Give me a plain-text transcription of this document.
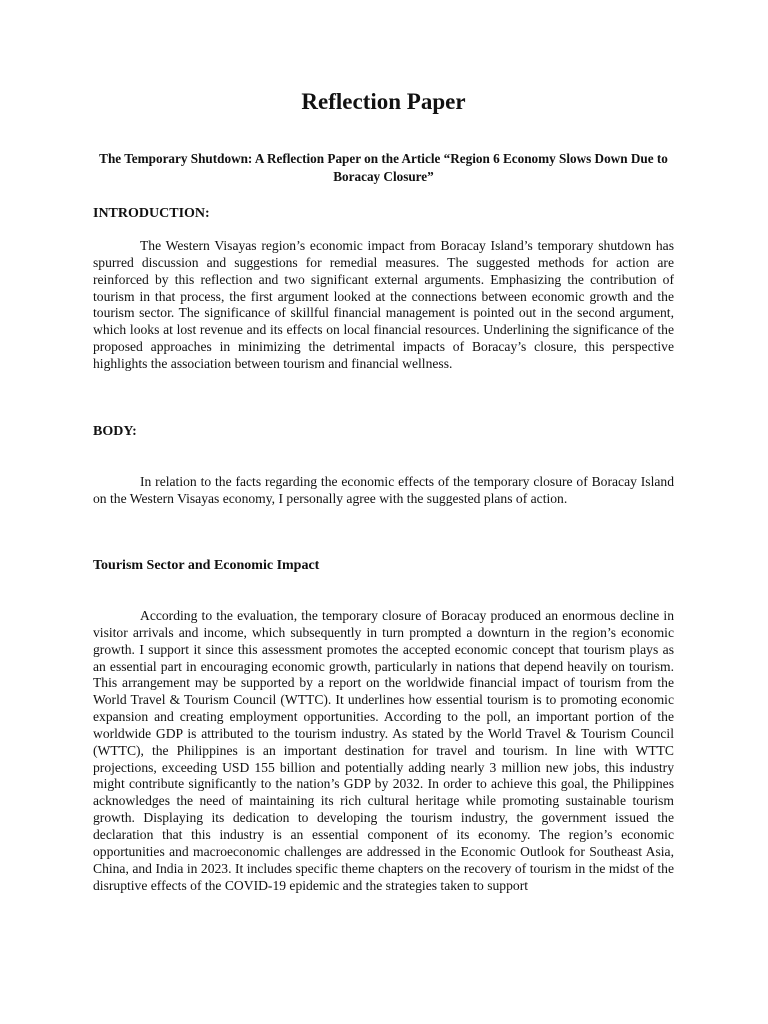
Reflection Paper
The Temporary Shutdown: A Reflection Paper on the Article “Region 6 Economy Slows Down Due to Boracay Closure”
INTRODUCTION:

The Western Visayas region’s economic impact from Boracay Island’s temporary shutdown has spurred discussion and suggestions for remedial measures. The suggested methods for action are reinforced by this reflection and two significant external arguments. Emphasizing the contribution of tourism in that process, the first argument looked at the connections between economic growth and the tourism sector. The significance of skillful financial management is pointed out in the second argument, which looks at lost revenue and its effects on local financial resources. Underlining the significance of the proposed approaches in minimizing the detrimental impacts of Boracay’s closure, this perspective highlights the association between tourism and financial wellness.

BODY:

In relation to the facts regarding the economic effects of the temporary closure of Boracay Island on the Western Visayas economy, I personally agree with the suggested plans of action.

Tourism Sector and Economic Impact

According to the evaluation, the temporary closure of Boracay produced an enormous decline in visitor arrivals and income, which subsequently in turn prompted a downturn in the region’s economic growth. I support it since this assessment promotes the accepted economic concept that tourism plays as an essential part in encouraging economic growth, particularly in nations that depend heavily on tourism. This arrangement may be supported by a report on the worldwide financial impact of tourism from the World Travel & Tourism Council (WTTC). It underlines how essential tourism is to promoting economic expansion and creating employment opportunities. According to the poll, an important portion of the worldwide GDP is attributed to the tourism industry. As stated by the World Travel & Tourism Council (WTTC), the Philippines is an important destination for travel and tourism. In line with WTTC projections, exceeding USD 155 billion and potentially adding nearly 3 million new jobs, this industry might contribute significantly to the nation’s GDP by 2032. In order to achieve this goal, the Philippines acknowledges the need of maintaining its rich cultural heritage while promoting sustainable tourism growth. Displaying its dedication to developing the tourism industry, the government issued the declaration that this industry is an essential component of its economy. The region’s economic opportunities and macroeconomic challenges are addressed in the Economic Outlook for Southeast Asia, China, and India in 2023. It includes specific theme chapters on the recovery of tourism in the midst of the disruptive effects of the COVID-19 epidemic and the strategies taken to support
